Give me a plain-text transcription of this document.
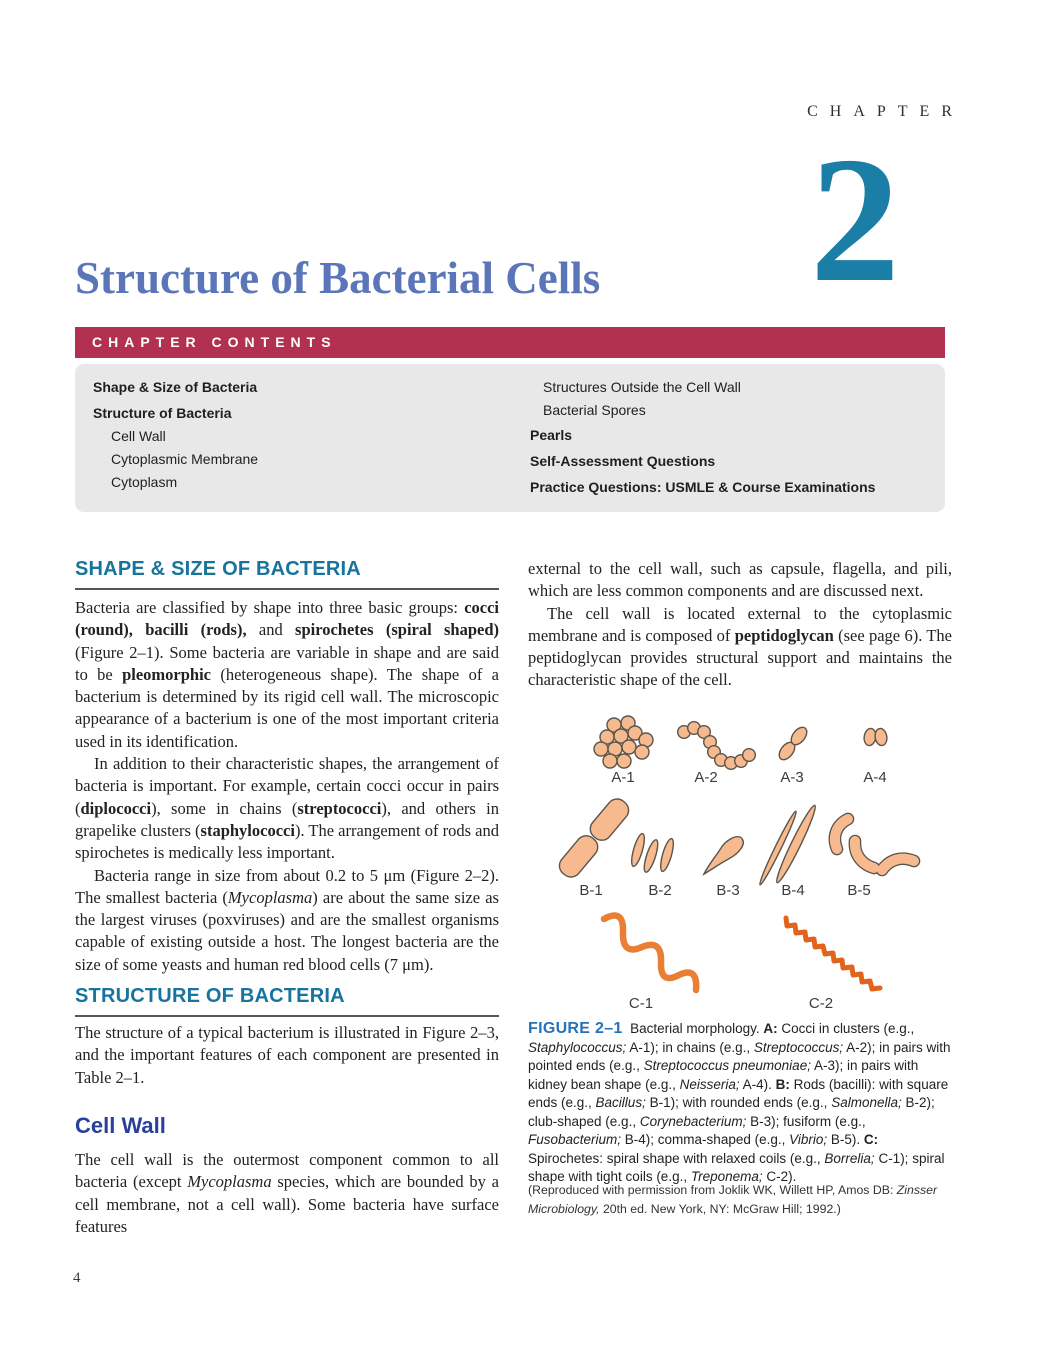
CHAPTER
2
Structure of Bacterial Cells
CHAPTER CONTENTS
Shape & Size of Bacteria
Structure of Bacteria
Cell Wall
Cytoplasmic Membrane
Cytoplasm
Structures Outside the Cell Wall
Bacterial Spores
Pearls
Self-Assessment Questions
Practice Questions: USMLE & Course Examinations
SHAPE & SIZE OF BACTERIA

Bacteria are classified by shape into three basic groups: cocci (round), bacilli (rods), and spirochetes (spiral shaped) (Figure 2–1). Some bacteria are variable in shape and are said to be pleomorphic (heterogeneous shape). The shape of a bacterium is determined by its rigid cell wall. The microscopic appearance of a bacterium is one of the most important criteria used in its identification.

In addition to their characteristic shapes, the arrangement of bacteria is important. For example, certain cocci occur in pairs (diplococci), some in chains (streptococci), and others in grapelike clusters (staphylococci). The arrangement of rods and spirochetes is medically less important.

Bacteria range in size from about 0.2 to 5 μm (Figure 2–2). The smallest bacteria (Mycoplasma) are about the same size as the largest viruses (poxviruses) and are the smallest organisms capable of existing outside a host. The longest bacteria are the size of some yeasts and human red blood cells (7 μm).

STRUCTURE OF BACTERIA

The structure of a typical bacterium is illustrated in Figure 2–3, and the important features of each component are presented in Table 2–1.

Cell Wall

The cell wall is the outermost component common to all bacteria (except Mycoplasma species, which are bounded by a cell membrane, not a cell wall). Some bacteria have surface features

external to the cell wall, such as capsule, flagella, and pili, which are less common components and are discussed next.

The cell wall is located external to the cytoplasmic membrane and is composed of peptidoglycan (see page 6). The peptidoglycan provides structural support and maintains the characteristic shape of the cell.

A-1	A-2	A-3	A-4
B-1	B-2	B-3	B-4	B-5
C-1	C-2

FIGURE 2–1  Bacterial morphology. A: Cocci in clusters (e.g., Staphylococcus; A-1); in chains (e.g., Streptococcus; A-2); in pairs with pointed ends (e.g., Streptococcus pneumoniae; A-3); in pairs with kidney bean shape (e.g., Neisseria; A-4). B: Rods (bacilli): with square ends (e.g., Bacillus; B-1); with rounded ends (e.g., Salmonella; B-2); club-shaped (e.g., Corynebacterium; B-3); fusiform (e.g., Fusobacterium; B-4); comma-shaped (e.g., Vibrio; B-5). C: Spirochetes: spiral shape with relaxed coils (e.g., Borrelia; C-1); spiral shape with tight coils (e.g., Treponema; C-2).

(Reproduced with permission from Joklik WK, Willett HP, Amos DB: Zinsser Microbiology, 20th ed. New York, NY: McGraw Hill; 1992.)

4
